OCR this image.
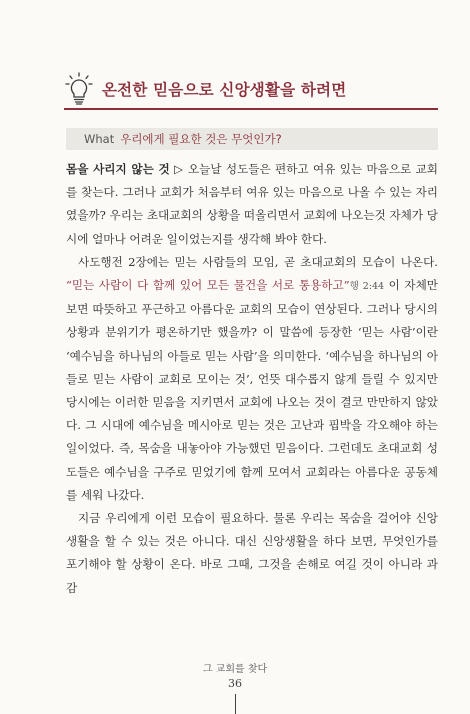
온전한 믿음으로 신앙생활을 하려면
What 우리에게 필요한 것은 무엇인가?

몸을 사리지 않는 것 ▷ 오늘날 성도들은 편하고 여유 있는 마음으로 교회를 찾는다. 그러나 교회가 처음부터 여유 있는 마음으로 나올 수 있는 자리였을까? 우리는 초대교회의 상황을 떠올리면서 교회에 나오는것 자체가 당시에 얼마나 어려운 일이었는지를 생각해 봐야 한다.

사도행전 2장에는 믿는 사람들의 모임, 곧 초대교회의 모습이 나온다. “믿는 사람이 다 함께 있어 모든 물건을 서로 통용하고”행 2:44 이 자체만 보면 따뜻하고 푸근하고 아름다운 교회의 모습이 연상된다. 그러나 당시의 상황과 분위기가 평온하기만 했을까? 이 말씀에 등장한 ‘믿는 사람’이란 ‘예수님을 하나님의 아들로 믿는 사람’을 의미한다. ‘예수님을 하나님의 아들로 믿는 사람이 교회로 모이는 것’, 언뜻 대수롭지 않게 들릴 수 있지만 당시에는 이러한 믿음을 지키면서 교회에 나오는 것이 결코 만만하지 않았다. 그 시대에 예수님을 메시아로 믿는 것은 고난과 핍박을 각오해야 하는 일이었다. 즉, 목숨을 내놓아야 가능했던 믿음이다. 그런데도 초대교회 성도들은 예수님을 구주로 믿었기에 함께 모여서 교회라는 아름다운 공동체를 세워 나갔다.

지금 우리에게 이런 모습이 필요하다. 물론 우리는 목숨을 걸어야 신앙생활을 할 수 있는 것은 아니다. 대신 신앙생활을 하다 보면, 무엇인가를 포기해야 할 상황이 온다. 바로 그때, 그것을 손해로 여길 것이 아니라 과감

그 교회를 찾다
36
